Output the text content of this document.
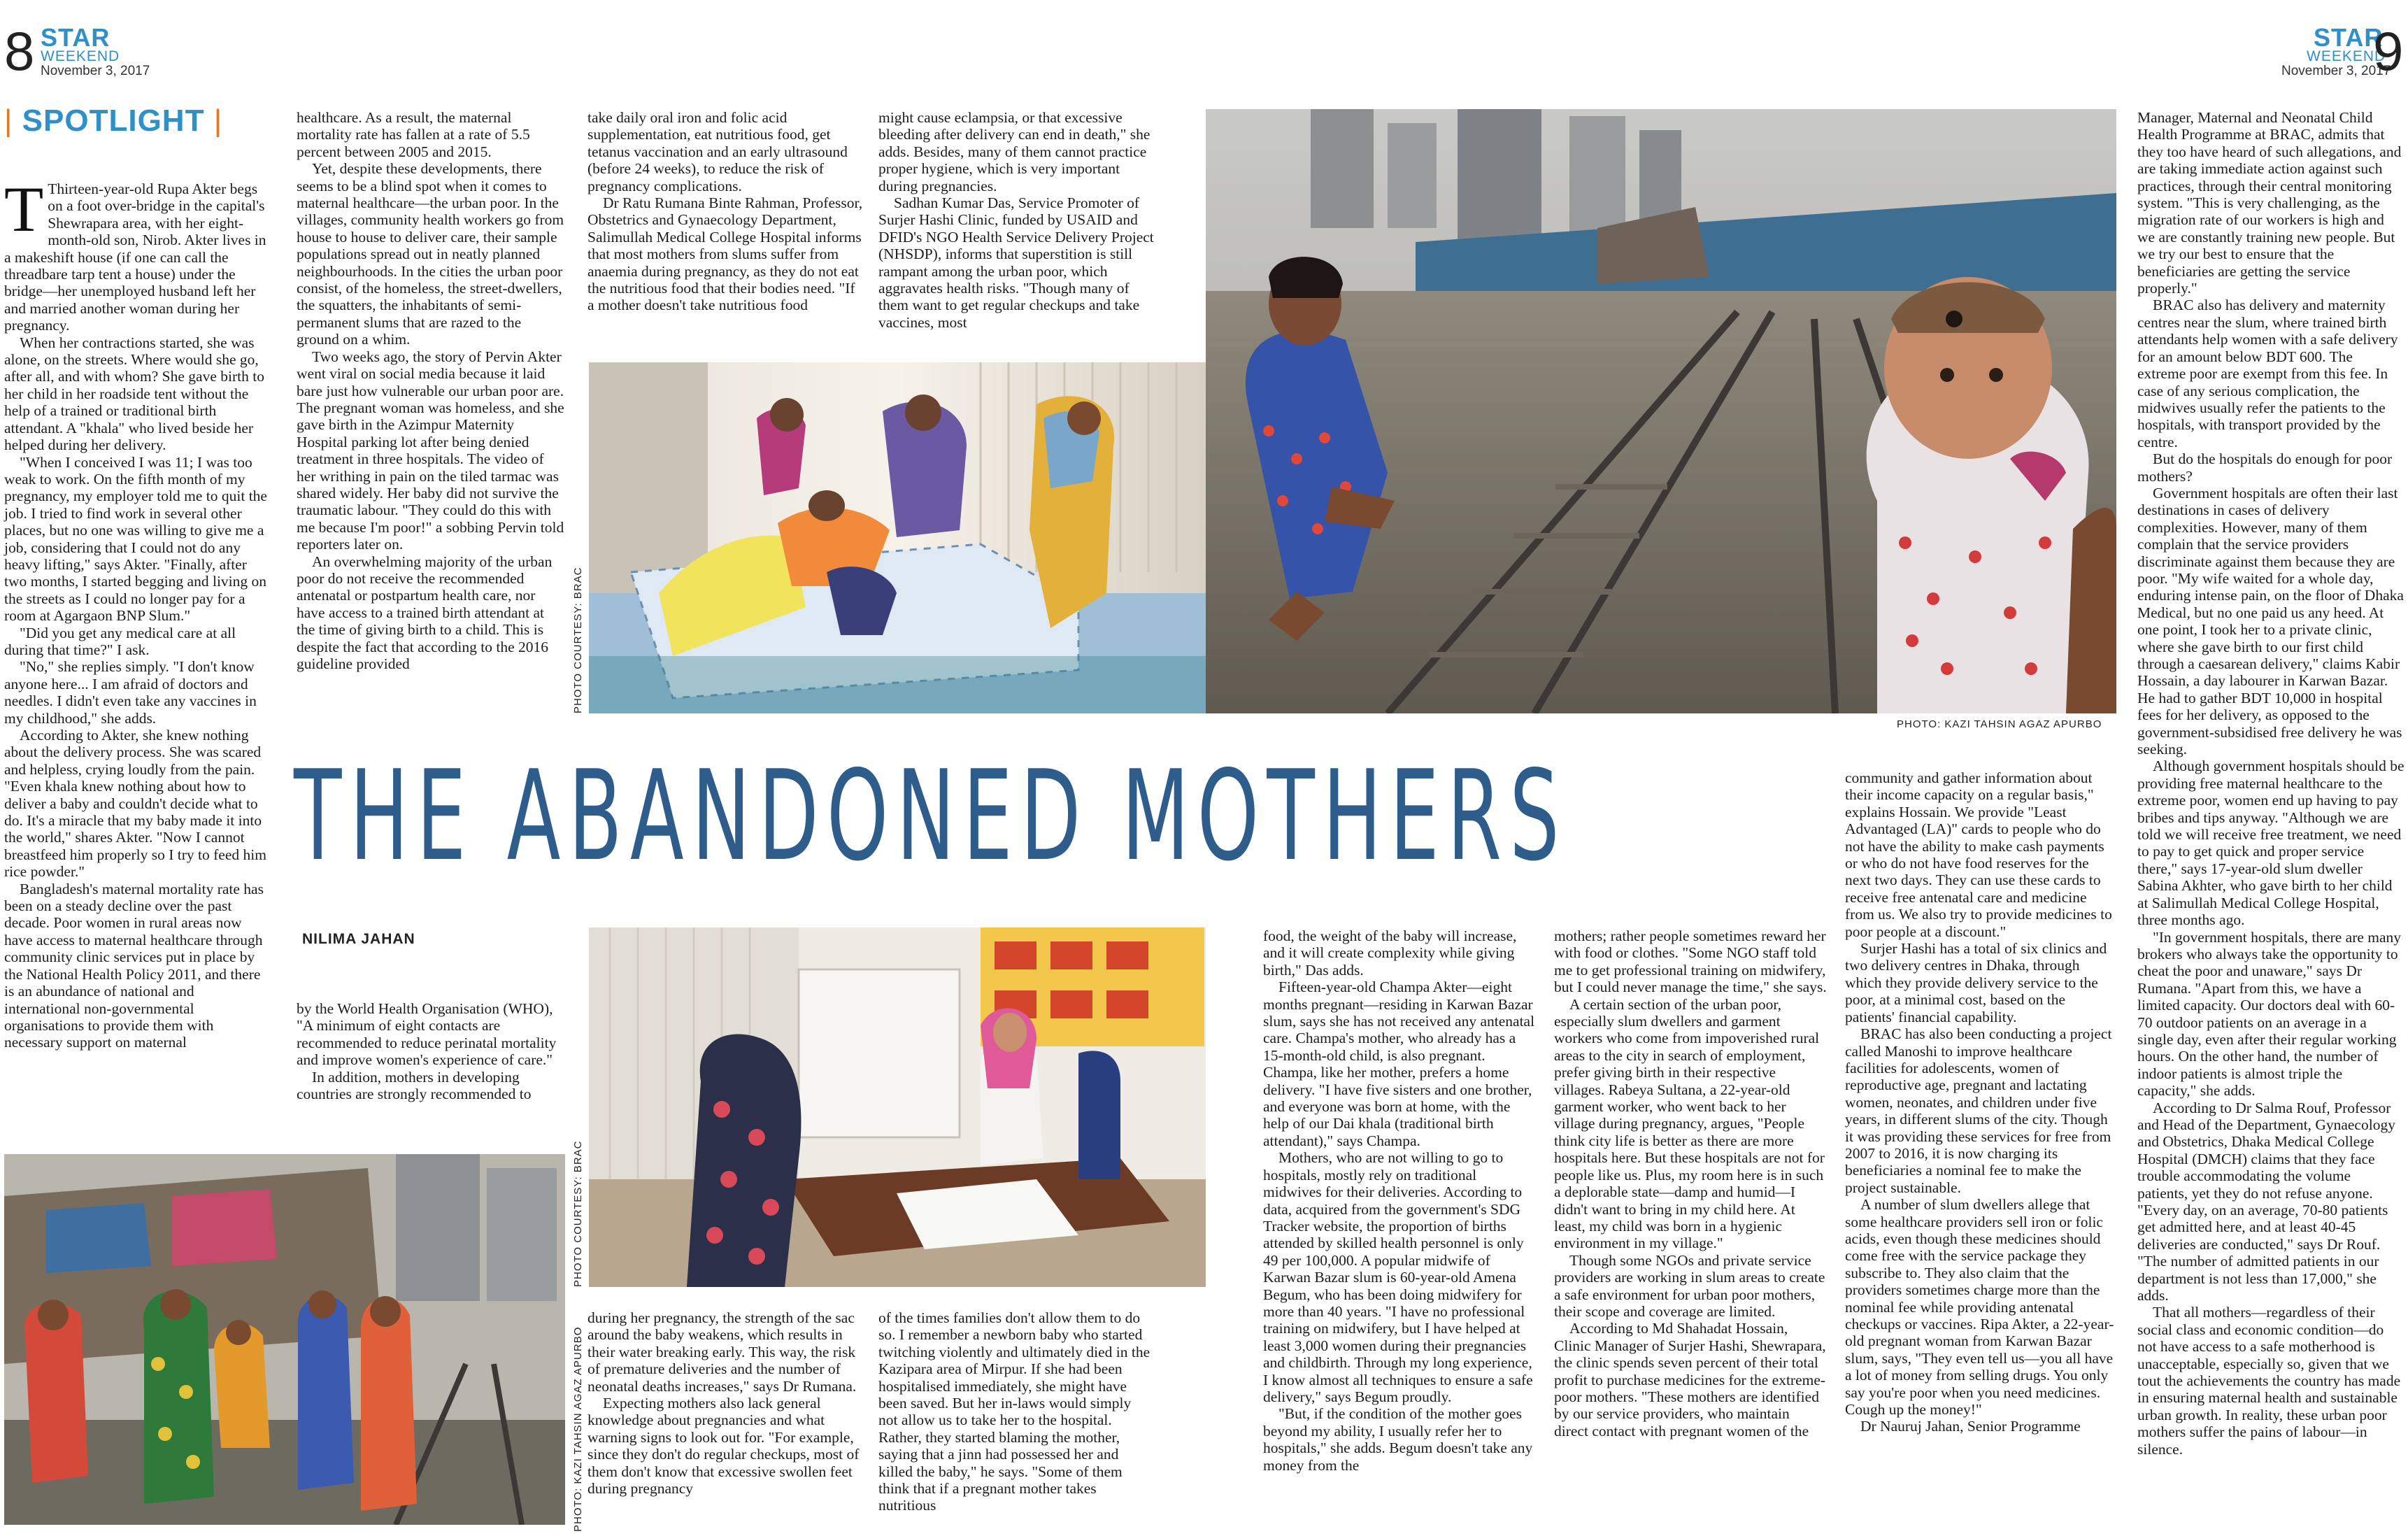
8 STAR
WEEKEND
November 3, 2017
STAR
WEEKEND
November 3, 2017
9
| SPOTLIGHT |

T Thirteen-year-old Rupa Akter begs on a foot over-bridge in the capital's Shewrapara area, with her eight-month-old son, Nirob. Akter lives in a makeshift house (if one can call the threadbare tarp tent a house) under the bridge—her unemployed husband left her and married another woman during her pregnancy.

When her contractions started, she was alone, on the streets. Where would she go, after all, and with whom? She gave birth to her child in her roadside tent without the help of a trained or traditional birth attendant. A "khala" who lived beside her helped during her delivery.

"When I conceived I was 11; I was too weak to work. On the fifth month of my pregnancy, my employer told me to quit the job. I tried to find work in several other places, but no one was willing to give me a job, considering that I could not do any heavy lifting," says Akter. "Finally, after two months, I started begging and living on the streets as I could no longer pay for a room at Agargaon BNP Slum."

"Did you get any medical care at all during that time?" I ask.

"No," she replies simply. "I don't know anyone here... I am afraid of doctors and needles. I didn't even take any vaccines in my childhood," she adds.

According to Akter, she knew nothing about the delivery process. She was scared and helpless, crying loudly from the pain. "Even khala knew nothing about how to deliver a baby and couldn't decide what to do. It's a miracle that my baby made it into the world," shares Akter. "Now I cannot breastfeed him properly so I try to feed him rice powder."

Bangladesh's maternal mortality rate has been on a steady decline over the past decade. Poor women in rural areas now have access to maternal healthcare through community clinic services put in place by the National Health Policy 2011, and there is an abundance of national and international non-governmental organisations to provide them with necessary support on maternal

healthcare. As a result, the maternal mortality rate has fallen at a rate of 5.5 percent between 2005 and 2015.

Yet, despite these developments, there seems to be a blind spot when it comes to maternal healthcare—the urban poor. In the villages, community health workers go from house to house to deliver care, their sample populations spread out in neatly planned neighbourhoods. In the cities the urban poor consist, of the homeless, the street-dwellers, the squatters, the inhabitants of semi-permanent slums that are razed to the ground on a whim.

Two weeks ago, the story of Pervin Akter went viral on social media because it laid bare just how vulnerable our urban poor are. The pregnant woman was homeless, and she gave birth in the Azimpur Maternity Hospital parking lot after being denied treatment in three hospitals. The video of her writhing in pain on the tiled tarmac was shared widely. Her baby did not survive the traumatic labour. "They could do this with me because I'm poor!" a sobbing Pervin told reporters later on.

An overwhelming majority of the urban poor do not receive the recommended antenatal or postpartum health care, nor have access to a trained birth attendant at the time of giving birth to a child. This is despite the fact that according to the 2016 guideline provided

take daily oral iron and folic acid supplementation, eat nutritious food, get tetanus vaccination and an early ultrasound (before 24 weeks), to reduce the risk of pregnancy complications.

Dr Ratu Rumana Binte Rahman, Professor, Obstetrics and Gynaecology Department, Salimullah Medical College Hospital informs that most mothers from slums suffer from anaemia during pregnancy, as they do not eat the nutritious food that their bodies need. "If a mother doesn't take nutritious food

might cause eclampsia, or that excessive bleeding after delivery can end in death," she adds. Besides, many of them cannot practice proper hygiene, which is very important during pregnancies.

Sadhan Kumar Das, Service Promoter of Surjer Hashi Clinic, funded by USAID and DFID's NGO Health Service Delivery Project (NHSDP), informs that superstition is still rampant among the urban poor, which aggravates health risks. "Though many of them want to get regular checkups and take vaccines, most

PHOTO COURTESY: BRAC
PHOTO: KAZI TAHSIN AGAZ APURBO

Manager, Maternal and Neonatal Child Health Programme at BRAC, admits that they too have heard of such allegations, and are taking immediate action against such practices, through their central monitoring system. "This is very challenging, as the migration rate of our workers is high and we are constantly training new people. But we try our best to ensure that the beneficiaries are getting the service properly."

BRAC also has delivery and maternity centres near the slum, where trained birth attendants help women with a safe delivery for an amount below BDT 600. The extreme poor are exempt from this fee. In case of any serious complication, the midwives usually refer the patients to the hospitals, with transport provided by the centre.

But do the hospitals do enough for poor mothers?

Government hospitals are often their last destinations in cases of delivery complexities. However, many of them complain that the service providers discriminate against them because they are poor. "My wife waited for a whole day, enduring intense pain, on the floor of Dhaka Medical, but no one paid us any heed. At one point, I took her to a private clinic, where she gave birth to our first child through a caesarean delivery," claims Kabir Hossain, a day labourer in Karwan Bazar. He had to gather BDT 10,000 in hospital fees for her delivery, as opposed to the government-subsidised free delivery he was seeking.

Although government hospitals should be providing free maternal healthcare to the extreme poor, women end up having to pay bribes and tips anyway. "Although we are told we will receive free treatment, we need to pay to get quick and proper service there," says 17-year-old slum dweller Sabina Akhter, who gave birth to her child at Salimullah Medical College Hospital, three months ago.

"In government hospitals, there are many brokers who always take the opportunity to cheat the poor and unaware," says Dr Rumana. "Apart from this, we have a limited capacity. Our doctors deal with 60-70 outdoor patients on an average in a single day, even after their regular working hours. On the other hand, the number of indoor patients is almost triple the capacity," she adds.

According to Dr Salma Rouf, Professor and Head of the Department, Gynaecology and Obstetrics, Dhaka Medical College Hospital (DMCH) claims that they face trouble accommodating the volume patients, yet they do not refuse anyone. "Every day, on an average, 70-80 patients get admitted here, and at least 40-45 deliveries are conducted," says Dr Rouf. "The number of admitted patients in our department is not less than 17,000," she adds.

That all mothers—regardless of their social class and economic condition—do not have access to a safe motherhood is unacceptable, especially so, given that we tout the achievements the country has made in ensuring maternal health and sustainable urban growth. In reality, these urban poor mothers suffer the pains of labour—in silence.

THE ABANDONED MOTHERS
NILIMA JAHAN

by the World Health Organisation (WHO), "A minimum of eight contacts are recommended to reduce perinatal mortality and improve women's experience of care."

In addition, mothers in developing countries are strongly recommended to

PHOTO COURTESY: BRAC

during her pregnancy, the strength of the sac around the baby weakens, which results in their water breaking early. This way, the risk of premature deliveries and the number of neonatal deaths increases," says Dr Rumana.

Expecting mothers also lack general knowledge about pregnancies and what warning signs to look out for. "For example, since they don't do regular checkups, most of them don't know that excessive swollen feet during pregnancy

of the times families don't allow them to do so. I remember a newborn baby who started twitching violently and ultimately died in the Kazipara area of Mirpur. If she had been hospitalised immediately, she might have been saved. But her in-laws would simply not allow us to take her to the hospital. Rather, they started blaming the mother, saying that a jinn had possessed her and killed the baby," he says. "Some of them think that if a pregnant mother takes nutritious

food, the weight of the baby will increase, and it will create complexity while giving birth," Das adds.

Fifteen-year-old Champa Akter—eight months pregnant—residing in Karwan Bazar slum, says she has not received any antenatal care. Champa's mother, who already has a 15-month-old child, is also pregnant. Champa, like her mother, prefers a home delivery. "I have five sisters and one brother, and everyone was born at home, with the help of our Dai khala (traditional birth attendant)," says Champa.

Mothers, who are not willing to go to hospitals, mostly rely on traditional midwives for their deliveries. According to data, acquired from the government's SDG Tracker website, the proportion of births attended by skilled health personnel is only 49 per 100,000. A popular midwife of Karwan Bazar slum is 60-year-old Amena Begum, who has been doing midwifery for more than 40 years. "I have no professional training on midwifery, but I have helped at least 3,000 women during their pregnancies and childbirth. Through my long experience, I know almost all techniques to ensure a safe delivery," says Begum proudly.

"But, if the condition of the mother goes beyond my ability, I usually refer her to hospitals," she adds. Begum doesn't take any money from the

mothers; rather people sometimes reward her with food or clothes. "Some NGO staff told me to get professional training on midwifery, but I could never manage the time," she says.

A certain section of the urban poor, especially slum dwellers and garment workers who come from impoverished rural areas to the city in search of employment, prefer giving birth in their respective villages. Rabeya Sultana, a 22-year-old garment worker, who went back to her village during pregnancy, argues, "People think city life is better as there are more hospitals here. But these hospitals are not for people like us. Plus, my room here is in such a deplorable state—damp and humid—I didn't want to bring in my child here. At least, my child was born in a hygienic environment in my village."

Though some NGOs and private service providers are working in slum areas to create a safe environment for urban poor mothers, their scope and coverage are limited.

According to Md Shahadat Hossain, Clinic Manager of Surjer Hashi, Shewrapara, the clinic spends seven percent of their total profit to purchase medicines for the extreme-poor mothers. "These mothers are identified by our service providers, who maintain direct contact with pregnant women of the

community and gather information about their income capacity on a regular basis," explains Hossain. We provide "Least Advantaged (LA)" cards to people who do not have the ability to make cash payments or who do not have food reserves for the next two days. They can use these cards to receive free antenatal care and medicine from us. We also try to provide medicines to poor people at a discount."

Surjer Hashi has a total of six clinics and two delivery centres in Dhaka, through which they provide delivery service to the poor, at a minimal cost, based on the patients' financial capability.

BRAC has also been conducting a project called Manoshi to improve healthcare facilities for adolescents, women of reproductive age, pregnant and lactating women, neonates, and children under five years, in different slums of the city. Though it was providing these services for free from 2007 to 2016, it is now charging its beneficiaries a nominal fee to make the project sustainable.

A number of slum dwellers allege that some healthcare providers sell iron or folic acids, even though these medicines should come free with the service package they subscribe to. They also claim that the providers sometimes charge more than the nominal fee while providing antenatal checkups or vaccines. Ripa Akter, a 22-year-old pregnant woman from Karwan Bazar slum, says, "They even tell us—you all have a lot of money from selling drugs. You only say you're poor when you need medicines. Cough up the money!"

Dr Nauruj Jahan, Senior Programme

PHOTO: KAZI TAHSIN AGAZ APURBO
